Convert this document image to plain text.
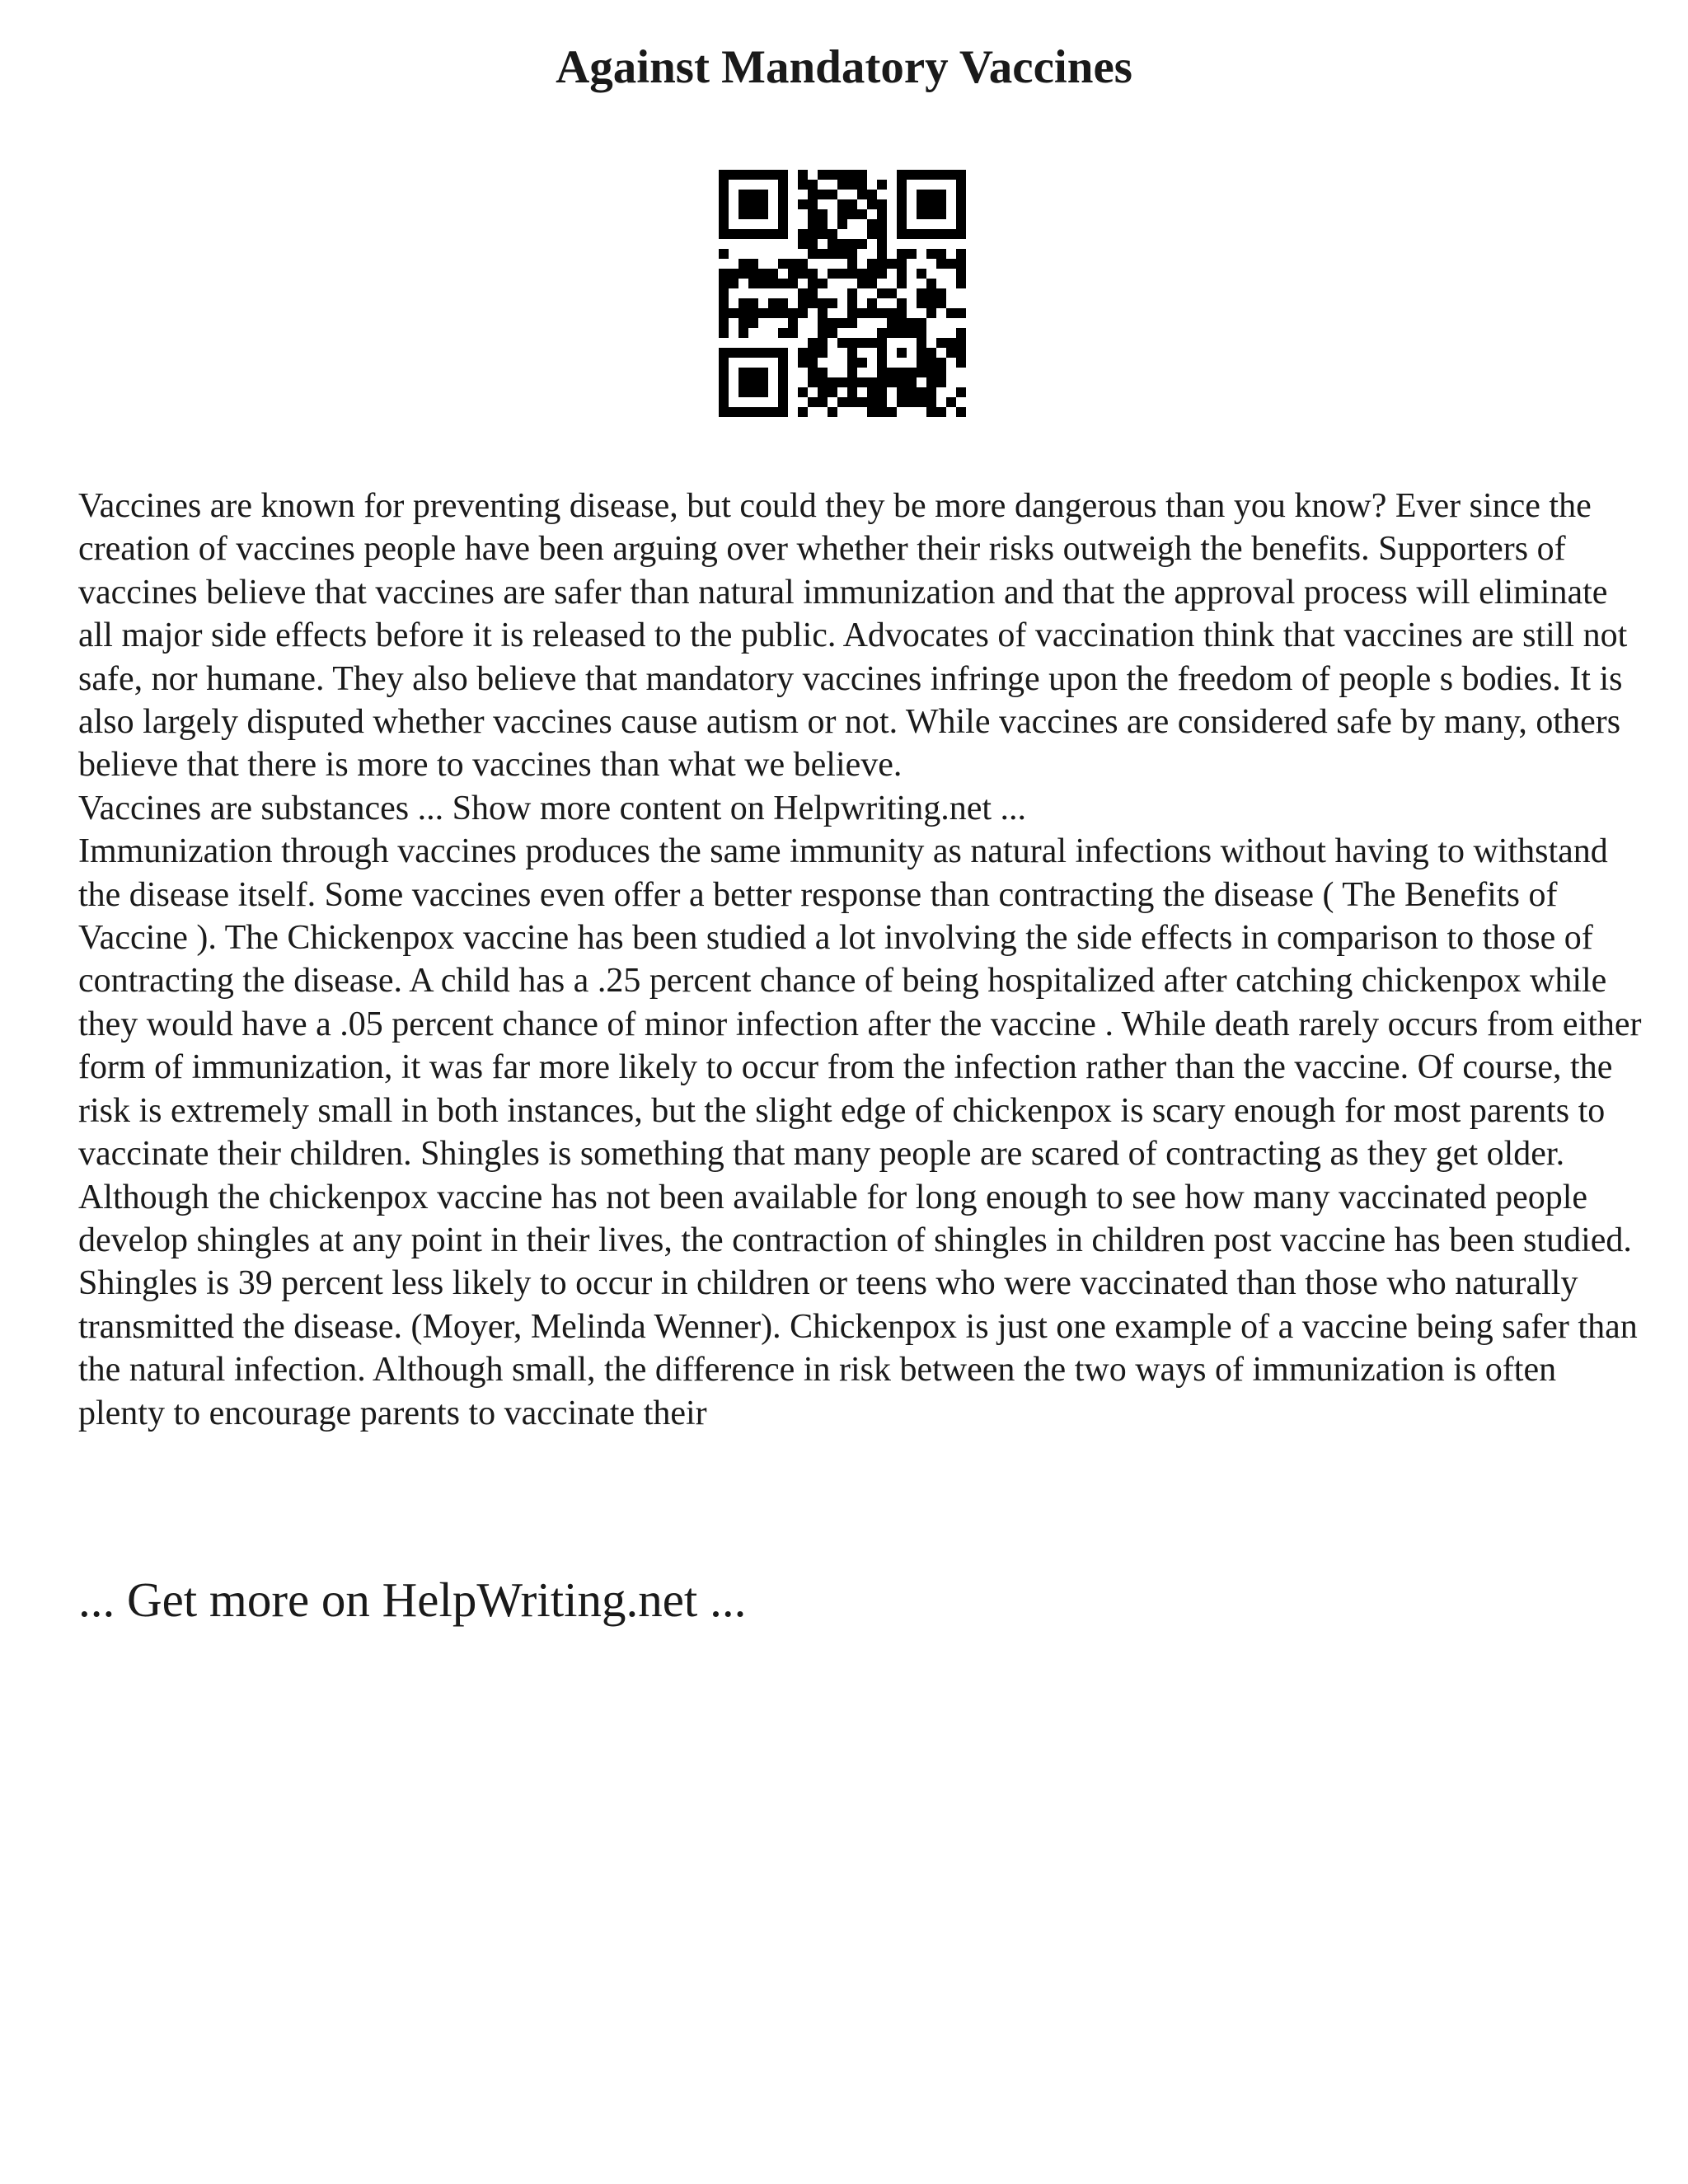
Against Mandatory Vaccines

Vaccines are known for preventing disease, but could they be more dangerous than you know? Ever since the creation of vaccines people have been arguing over whether their risks outweigh the benefits. Supporters of vaccines believe that vaccines are safer than natural immunization and that the approval process will eliminate all major side effects before it is released to the public. Advocates of vaccination think that vaccines are still not safe, nor humane. They also believe that mandatory vaccines infringe upon the freedom of people s bodies. It is also largely disputed whether vaccines cause autism or not. While vaccines are considered safe by many, others believe that there is more to vaccines than what we believe.

Vaccines are substances ... Show more content on Helpwriting.net ...

Immunization through vaccines produces the same immunity as natural infections without having to withstand the disease itself. Some vaccines even offer a better response than contracting the disease ( The Benefits of Vaccine ). The Chickenpox vaccine has been studied a lot involving the side effects in comparison to those of contracting the disease. A child has a .25 percent chance of being hospitalized after catching chickenpox while they would have a .05 percent chance of minor infection after the vaccine . While death rarely occurs from either form of immunization, it was far more likely to occur from the infection rather than the vaccine. Of course, the risk is extremely small in both instances, but the slight edge of chickenpox is scary enough for most parents to vaccinate their children. Shingles is something that many people are scared of contracting as they get older. Although the chickenpox vaccine has not been available for long enough to see how many vaccinated people develop shingles at any point in their lives, the contraction of shingles in children post vaccine has been studied. Shingles is 39 percent less likely to occur in children or teens who were vaccinated than those who naturally transmitted the disease. (Moyer, Melinda Wenner). Chickenpox is just one example of a vaccine being safer than the natural infection. Although small, the difference in risk between the two ways of immunization is often plenty to encourage parents to vaccinate their

... Get more on HelpWriting.net ...
